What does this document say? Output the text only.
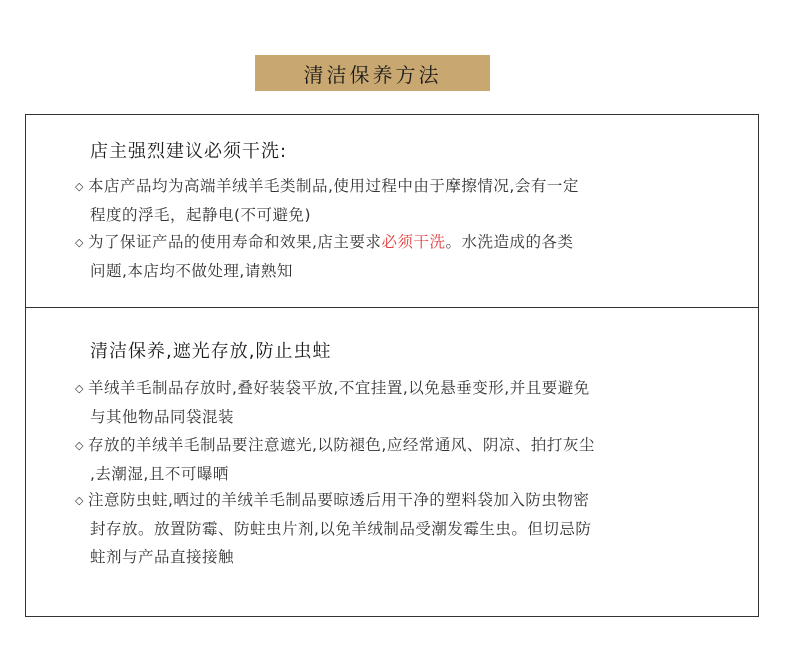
清洁保养方法
店主强烈建议必须干洗:
◇ 本店产品均为高端羊绒羊毛类制品,使用过程中由于摩擦情况,会有一定
程度的浮毛，起静电(不可避免)
◇ 为了保证产品的使用寿命和效果,店主要求必须干洗。水洗造成的各类
问题,本店均不做处理,请熟知
清洁保养,遮光存放,防止虫蛀
◇ 羊绒羊毛制品存放时,叠好装袋平放,不宜挂置,以免悬垂变形,并且要避免
与其他物品同袋混装
◇ 存放的羊绒羊毛制品要注意遮光,以防褪色,应经常通风、阴凉、拍打灰尘
,去潮湿,且不可曝晒
◇ 注意防虫蛀,晒过的羊绒羊毛制品要晾透后用干净的塑料袋加入防虫物密
封存放。放置防霉、防蛀虫片剂,以免羊绒制品受潮发霉生虫。但切忌防
蛀剂与产品直接接触
